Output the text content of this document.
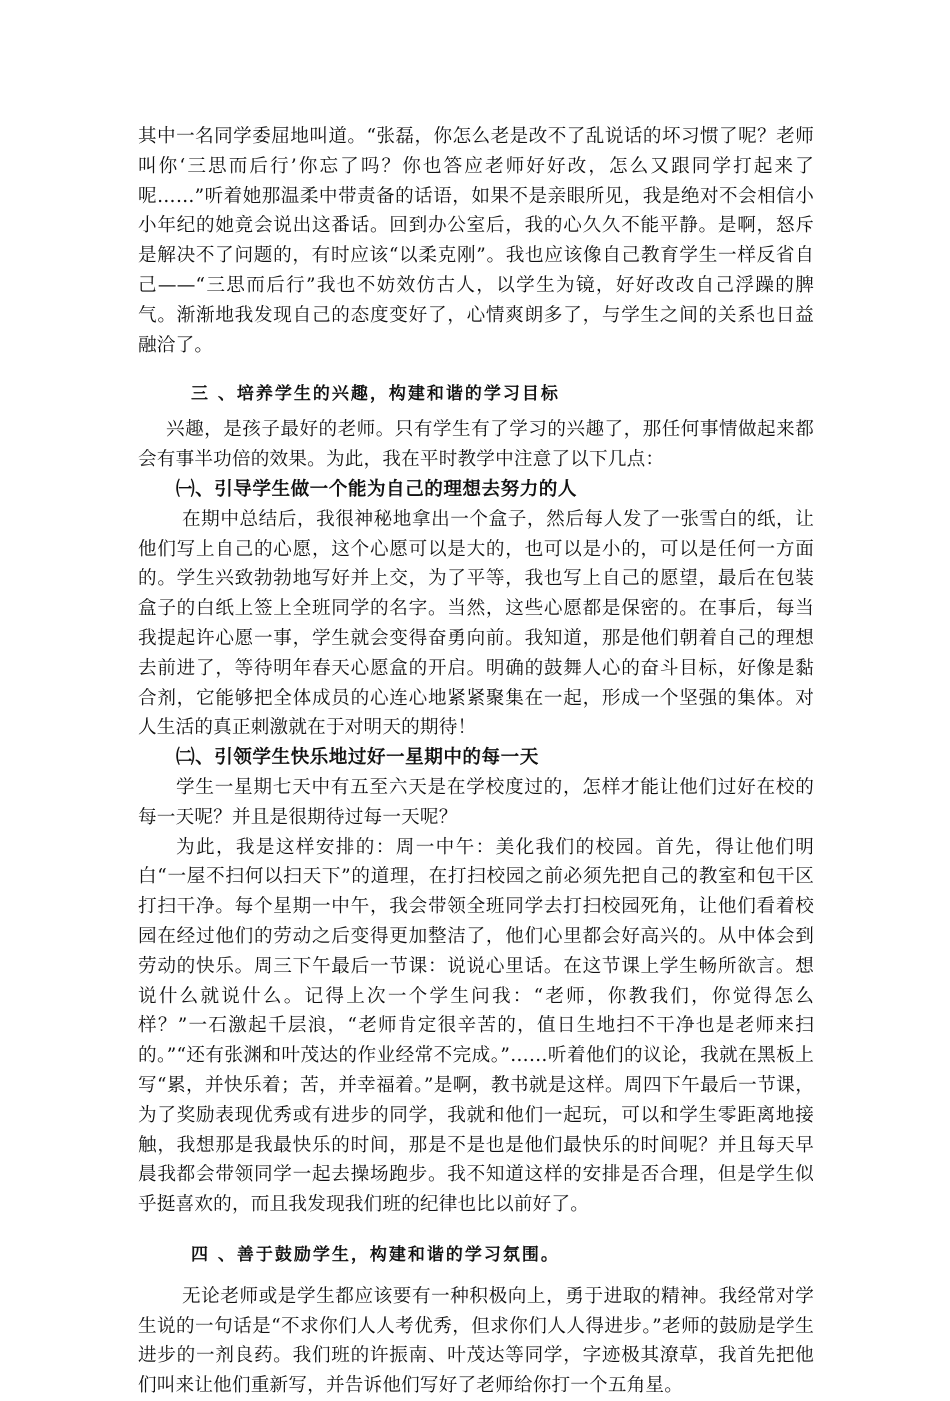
其中一名同学委屈地叫道。“张磊，你怎么老是改不了乱说话的坏习惯了呢？老师叫你‘三思而后行’你忘了吗？你也答应老师好好改，怎么又跟同学打起来了呢……”听着她那温柔中带责备的话语，如果不是亲眼所见，我是绝对不会相信小小年纪的她竟会说出这番话。回到办公室后，我的心久久不能平静。是啊，怒斥是解决不了问题的，有时应该“以柔克刚”。我也应该像自己教育学生一样反省自己——“三思而后行”我也不妨效仿古人，以学生为镜，好好改改自己浮躁的脾气。渐渐地我发现自己的态度变好了，心情爽朗多了，与学生之间的关系也日益融洽了。

三 、培养学生的兴趣，构建和谐的学习目标

兴趣，是孩子最好的老师。只有学生有了学习的兴趣了，那任何事情做起来都会有事半功倍的效果。为此，我在平时教学中注意了以下几点：

㈠、引导学生做一个能为自己的理想去努力的人

在期中总结后，我很神秘地拿出一个盒子，然后每人发了一张雪白的纸，让他们写上自己的心愿，这个心愿可以是大的，也可以是小的，可以是任何一方面的。学生兴致勃勃地写好并上交，为了平等，我也写上自己的愿望，最后在包装盒子的白纸上签上全班同学的名字。当然，这些心愿都是保密的。在事后，每当我提起许心愿一事，学生就会变得奋勇向前。我知道，那是他们朝着自己的理想去前进了，等待明年春天心愿盒的开启。明确的鼓舞人心的奋斗目标，好像是黏合剂，它能够把全体成员的心连心地紧紧聚集在一起，形成一个坚强的集体。对人生活的真正刺激就在于对明天的期待！

㈡、引领学生快乐地过好一星期中的每一天

学生一星期七天中有五至六天是在学校度过的，怎样才能让他们过好在校的每一天呢？并且是很期待过每一天呢？

为此，我是这样安排的：周一中午：美化我们的校园。首先，得让他们明白“一屋不扫何以扫天下”的道理，在打扫校园之前必须先把自己的教室和包干区打扫干净。每个星期一中午，我会带领全班同学去打扫校园死角，让他们看着校园在经过他们的劳动之后变得更加整洁了，他们心里都会好高兴的。从中体会到劳动的快乐。周三下午最后一节课：说说心里话。在这节课上学生畅所欲言。想说什么就说什么。记得上次一个学生问我：“老师，你教我们，你觉得怎么样？”一石激起千层浪，“老师肯定很辛苦的，值日生地扫不干净也是老师来扫的。”“还有张渊和叶茂达的作业经常不完成。”……听着他们的议论，我就在黑板上写“累，并快乐着；苦，并幸福着。”是啊，教书就是这样。周四下午最后一节课，为了奖励表现优秀或有进步的同学，我就和他们一起玩，可以和学生零距离地接触，我想那是我最快乐的时间，那是不是也是他们最快乐的时间呢？并且每天早晨我都会带领同学一起去操场跑步。我不知道这样的安排是否合理，但是学生似乎挺喜欢的，而且我发现我们班的纪律也比以前好了。

四 、善于鼓励学生，构建和谐的学习氛围。

无论老师或是学生都应该要有一种积极向上，勇于进取的精神。我经常对学生说的一句话是“不求你们人人考优秀，但求你们人人得进步。”老师的鼓励是学生进步的一剂良药。我们班的许振南、叶茂达等同学，字迹极其潦草，我首先把他们叫来让他们重新写，并告诉他们写好了老师给你打一个五角星。
